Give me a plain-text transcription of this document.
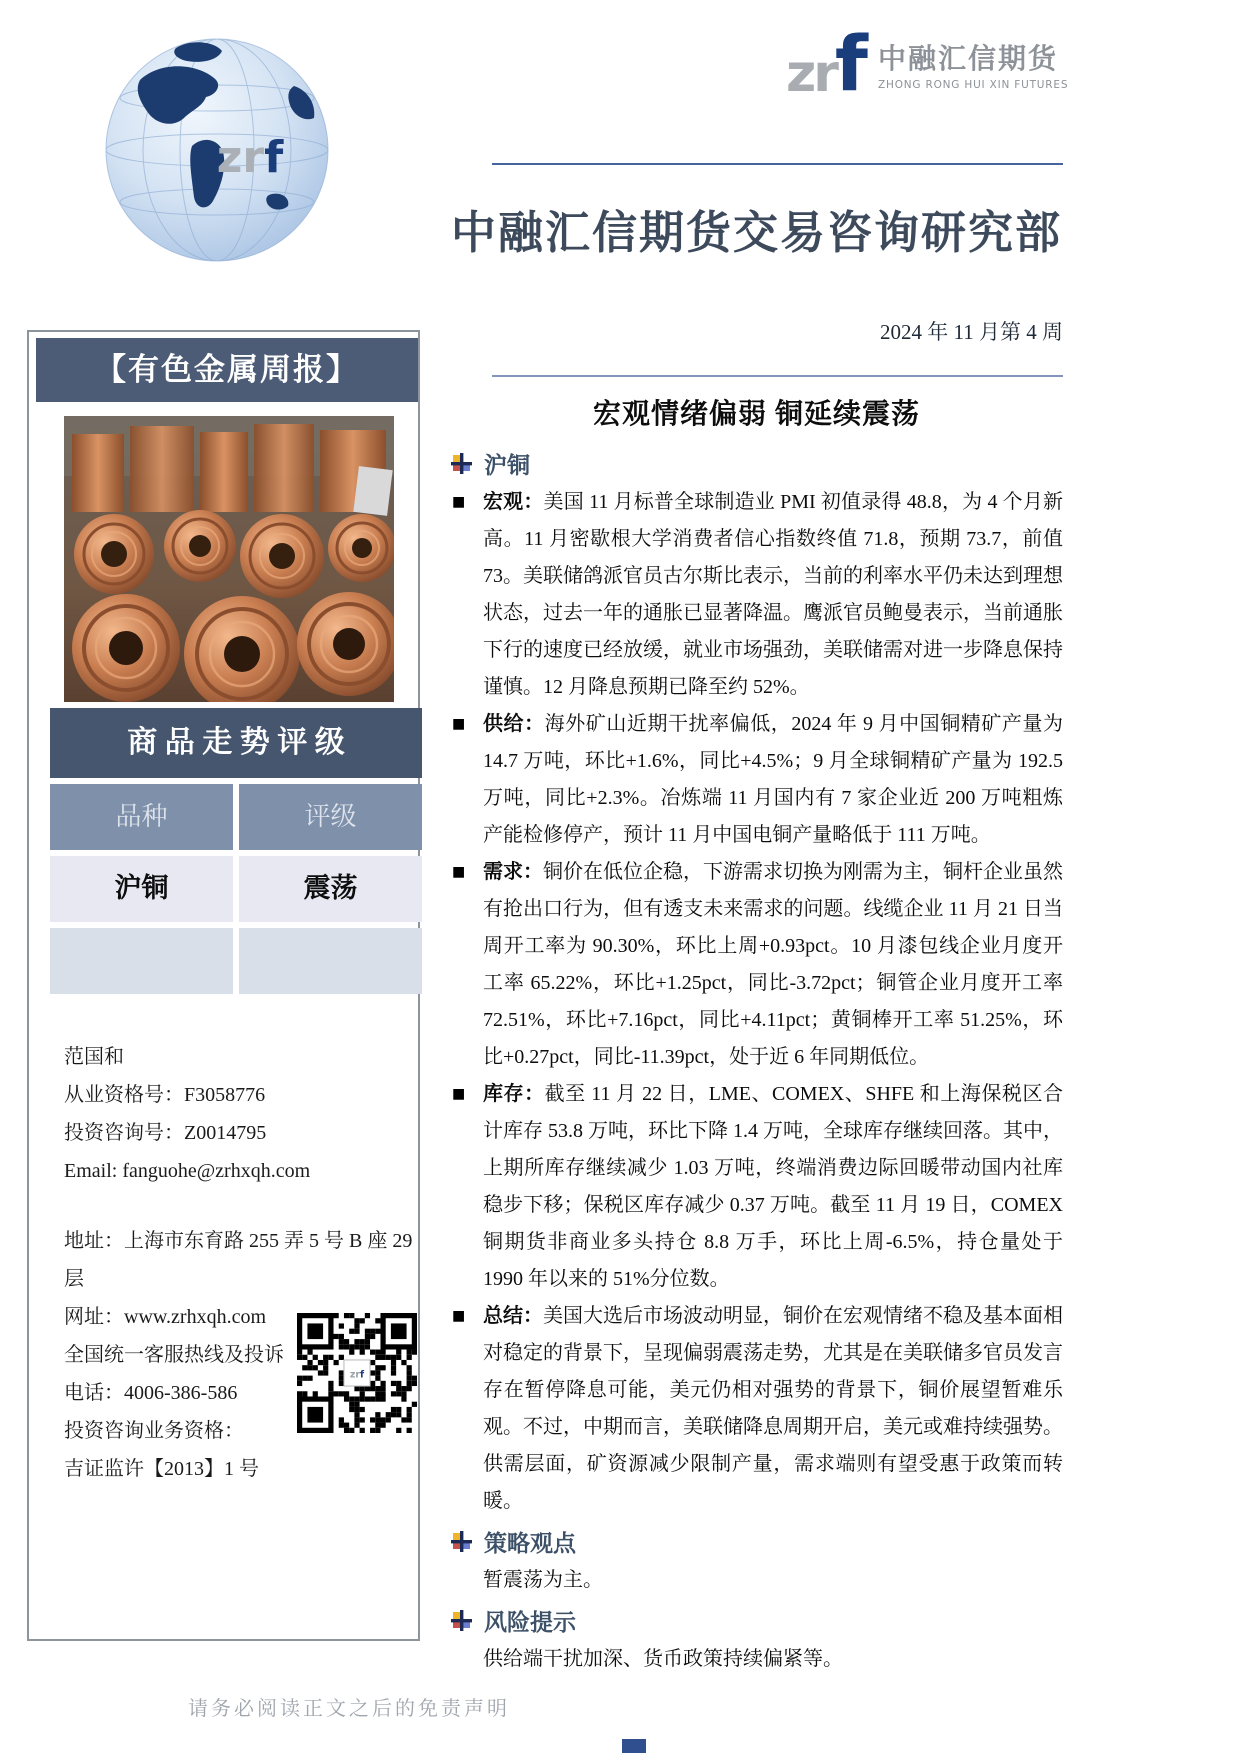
zrf
zr f 中融汇信期货
ZHONG RONG HUI XIN FUTURES
中融汇信期货交易咨询研究部
2024 年 11 月第 4 周
【有色金属周报】
商 品 走 势 评 级
品种	评级
沪铜	震荡
范国和
从业资格号：F3058776
投资咨询号：Z0014795
Email: fanguohe@zrhxqh.com
地址：上海市东育路 255 弄 5 号 B 座 29 层
网址：www.zrhxqh.com
全国统一客服热线及投诉
电话：4006-386-586
投资咨询业务资格：
吉证监许【2013】1 号
zrf
宏观情绪偏弱 铜延续震荡
沪铜
■ 宏观：美国 11 月标普全球制造业 PMI 初值录得 48.8，为 4 个月新高。11 月密歇根大学消费者信心指数终值 71.8，预期 73.7，前值 73。美联储鸽派官员古尔斯比表示，当前的利率水平仍未达到理想状态，过去一年的通胀已显著降温。鹰派官员鲍曼表示，当前通胀下行的速度已经放缓，就业市场强劲，美联储需对进一步降息保持谨慎。12 月降息预期已降至约 52%。
■ 供给：海外矿山近期干扰率偏低，2024 年 9 月中国铜精矿产量为 14.7 万吨，环比+1.6%，同比+4.5%；9 月全球铜精矿产量为 192.5 万吨，同比+2.3%。冶炼端 11 月国内有 7 家企业近 200 万吨粗炼产能检修停产，预计 11 月中国电铜产量略低于 111 万吨。
■ 需求：铜价在低位企稳，下游需求切换为刚需为主，铜杆企业虽然有抢出口行为，但有透支未来需求的问题。线缆企业 11 月 21 日当周开工率为 90.30%，环比上周+0.93pct。10 月漆包线企业月度开工率 65.22%，环比+1.25pct，同比-3.72pct；铜管企业月度开工率 72.51%，环比+7.16pct，同比+4.11pct；黄铜棒开工率 51.25%，环比+0.27pct，同比-11.39pct，处于近 6 年同期低位。
■ 库存：截至 11 月 22 日，LME、COMEX、SHFE 和上海保税区合计库存 53.8 万吨，环比下降 1.4 万吨，全球库存继续回落。其中，上期所库存继续减少 1.03 万吨，终端消费边际回暖带动国内社库稳步下移；保税区库存减少 0.37 万吨。截至 11 月 19 日，COMEX 铜期货非商业多头持仓 8.8 万手，环比上周-6.5%，持仓量处于 1990 年以来的 51%分位数。
■ 总结：美国大选后市场波动明显，铜价在宏观情绪不稳及基本面相对稳定的背景下，呈现偏弱震荡走势，尤其是在美联储多官员发言存在暂停降息可能，美元仍相对强势的背景下，铜价展望暂难乐观。不过，中期而言，美联储降息周期开启，美元或难持续强势。供需层面，矿资源减少限制产量，需求端则有望受惠于政策而转暖。
策略观点
暂震荡为主。
风险提示
供给端干扰加深、货币政策持续偏紧等。
请务必阅读正文之后的免责声明
